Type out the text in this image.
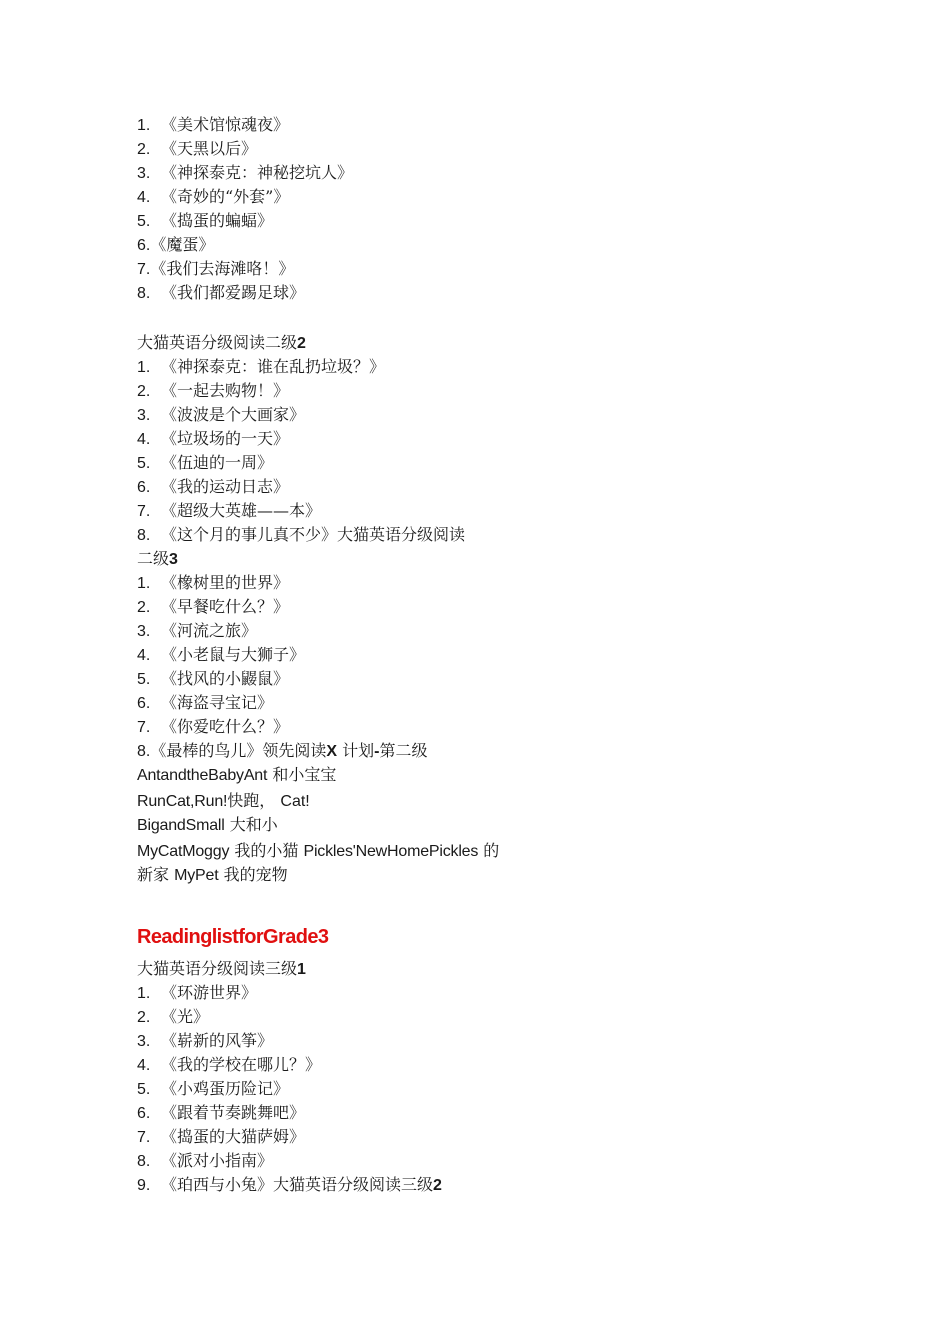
1. 《美术馆惊魂夜》
2. 《天黑以后》
3. 《神探泰克：神秘挖坑人》
4. 《奇妙的“外套”》
5. 《捣蛋的蝙蝠》
6.《魔蛋》
7.《我们去海滩咯！》
8. 《我们都爱踢足球》
大猫英语分级阅读二级2
1. 《神探泰克：谁在乱扔垃圾？》
2. 《一起去购物！》
3. 《波波是个大画家》
4. 《垃圾场的一天》
5. 《伍迪的一周》
6. 《我的运动日志》
7. 《超级大英雄——本》
8. 《这个月的事儿真不少》大猫英语分级阅读
二级3
1. 《橡树里的世界》
2. 《早餐吃什么？》
3. 《河流之旅》
4. 《小老鼠与大狮子》
5. 《找风的小鼹鼠》
6. 《海盗寻宝记》
7. 《你爱吃什么？》
8.《最棒的鸟儿》领先阅读X 计划-第二级
AntandtheBabyAnt 和小宝宝
RunCat,Run!快跑， Cat!
BigandSmall 大和小
MyCatMoggy 我的小猫 Pickles'NewHomePickles 的
新家 MyPet 我的宠物
ReadinglistforGrade3
大猫英语分级阅读三级1
1. 《环游世界》
2. 《光》
3. 《崭新的风筝》
4. 《我的学校在哪儿？》
5. 《小鸡蛋历险记》
6. 《跟着节奏跳舞吧》
7. 《捣蛋的大猫萨姆》
8. 《派对小指南》
9. 《珀西与小兔》大猫英语分级阅读三级2
